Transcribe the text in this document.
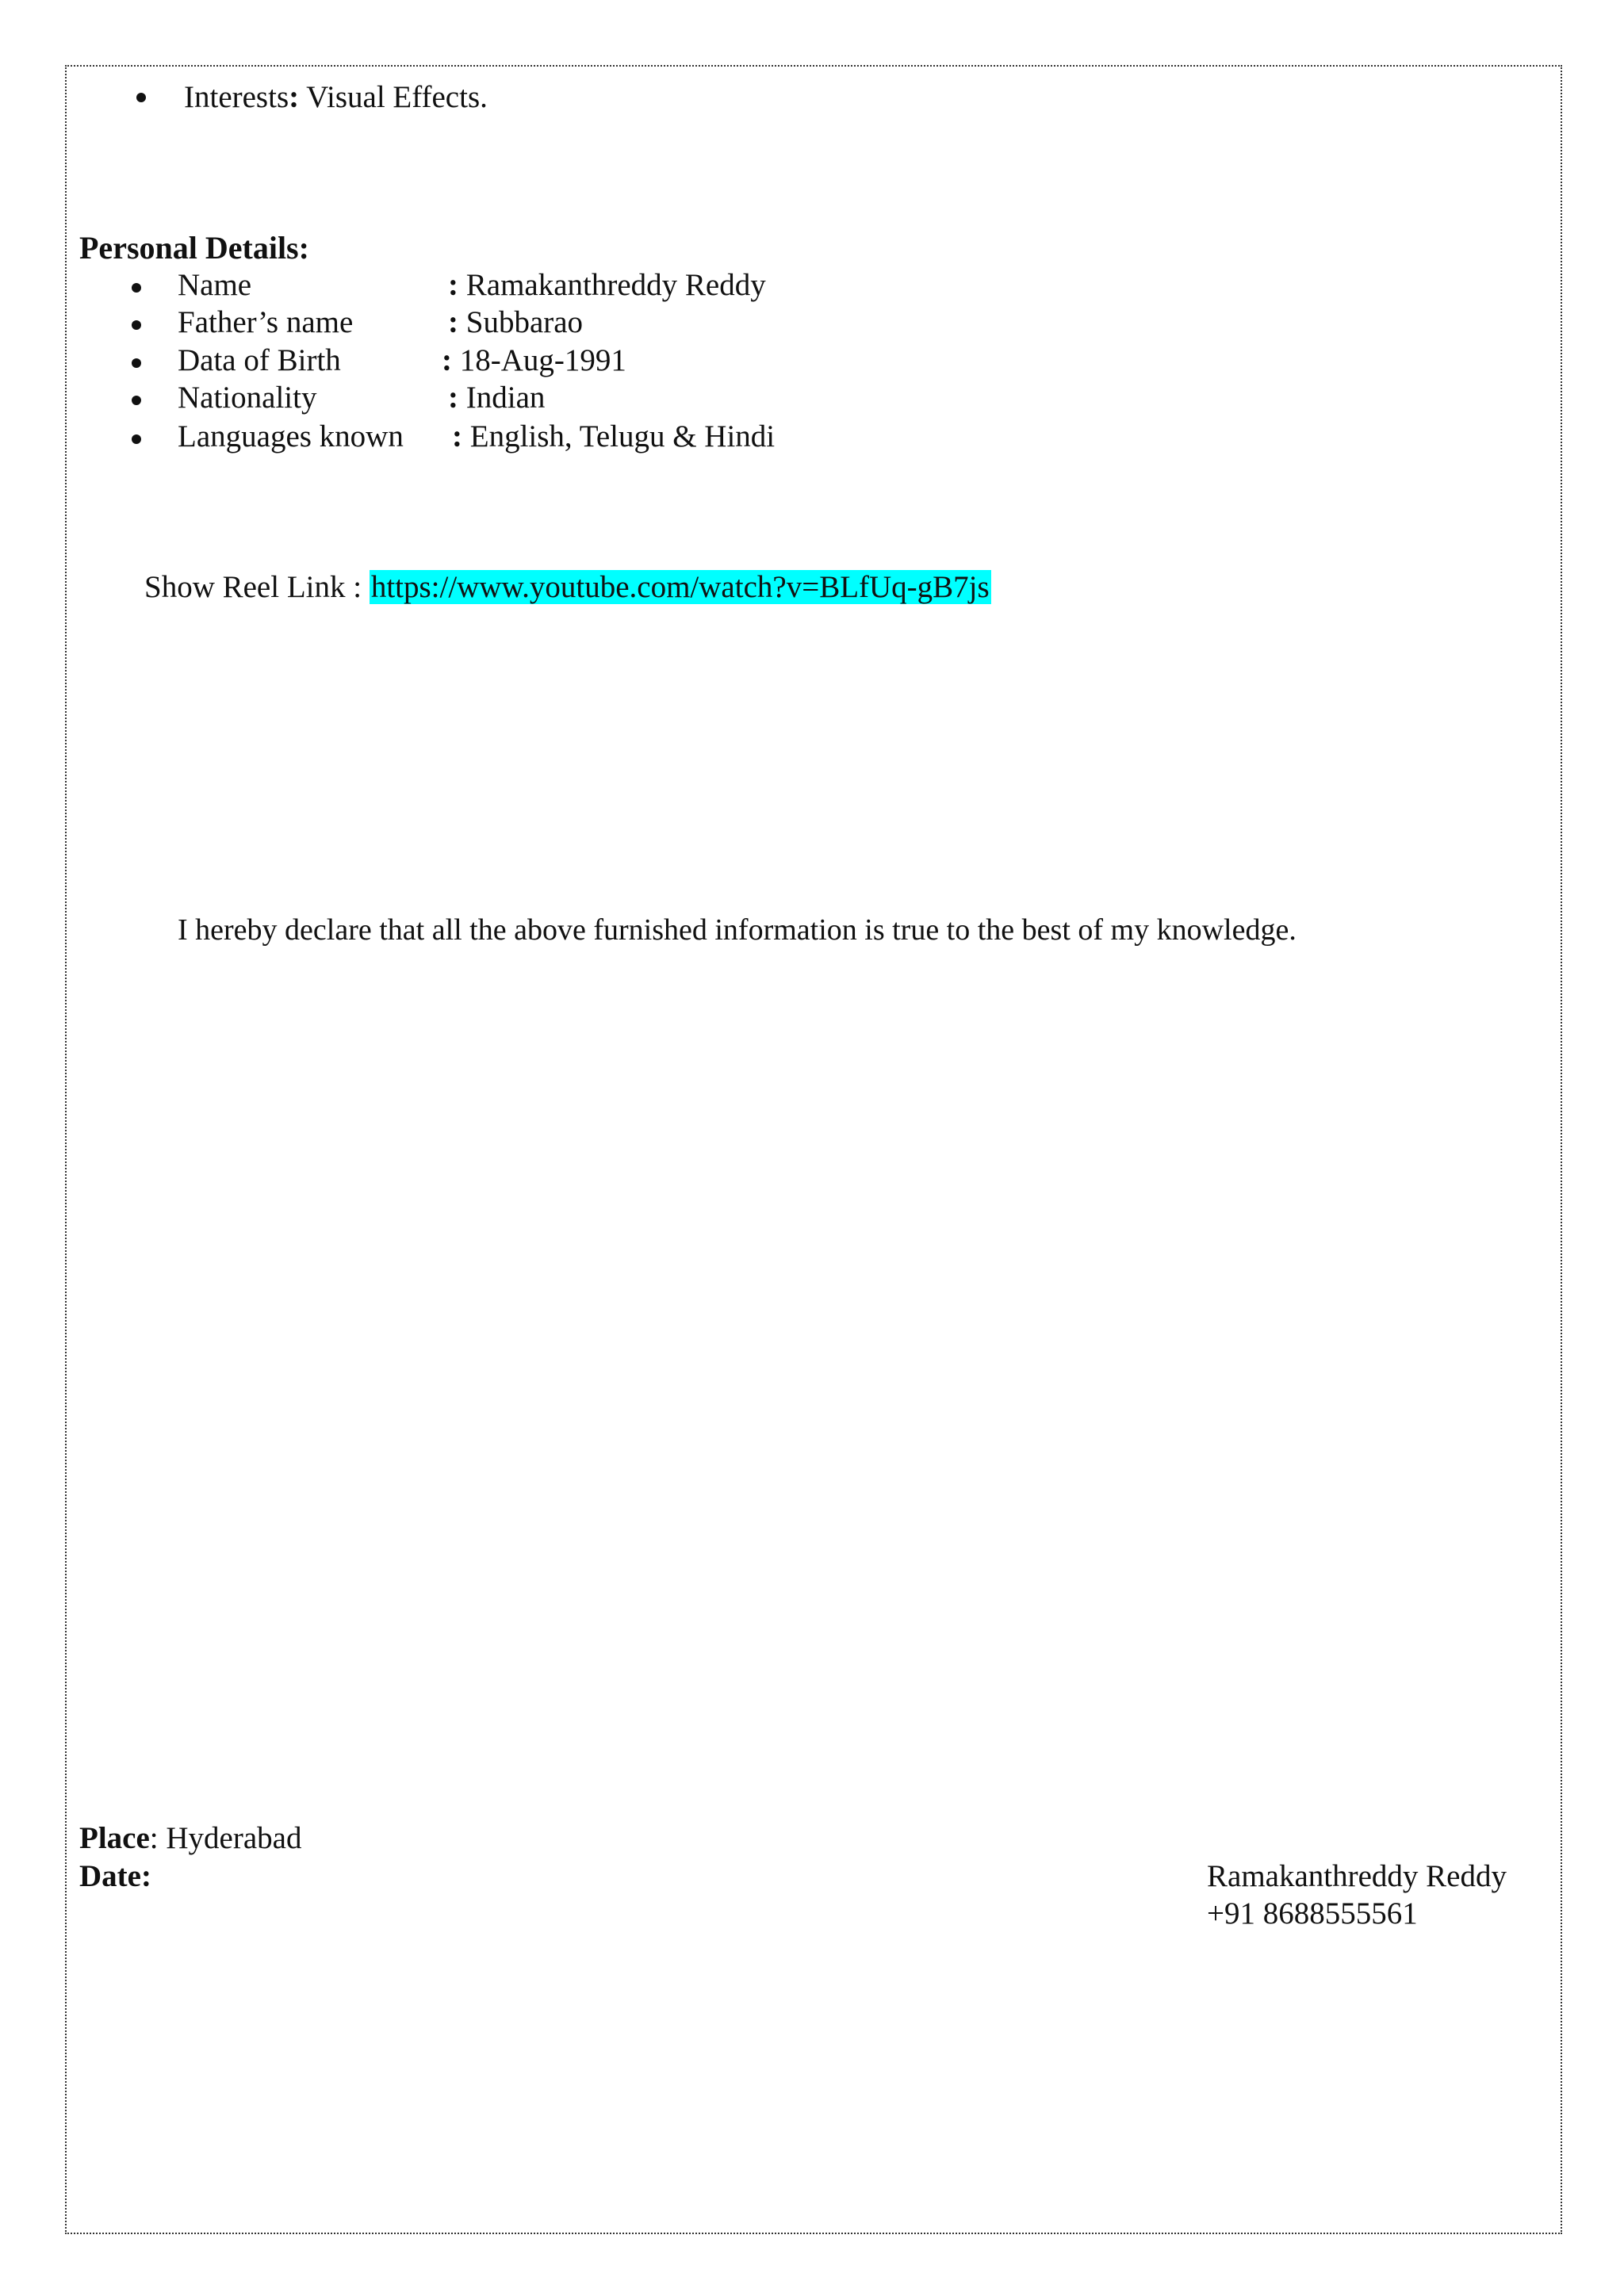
Interests: Visual Effects.
Personal Details:
Name	: Ramakanthreddy Reddy
Father’s name	: Subbarao
Data of Birth	: 18-Aug-1991
Nationality	: Indian
Languages known : English, Telugu & Hindi
Show Reel Link : https://www.youtube.com/watch?v=BLfUq-gB7js
I hereby declare that all the above furnished information is true to the best of my knowledge.
Place: Hyderabad
Date:	Ramakanthreddy Reddy
+91 8688555561
